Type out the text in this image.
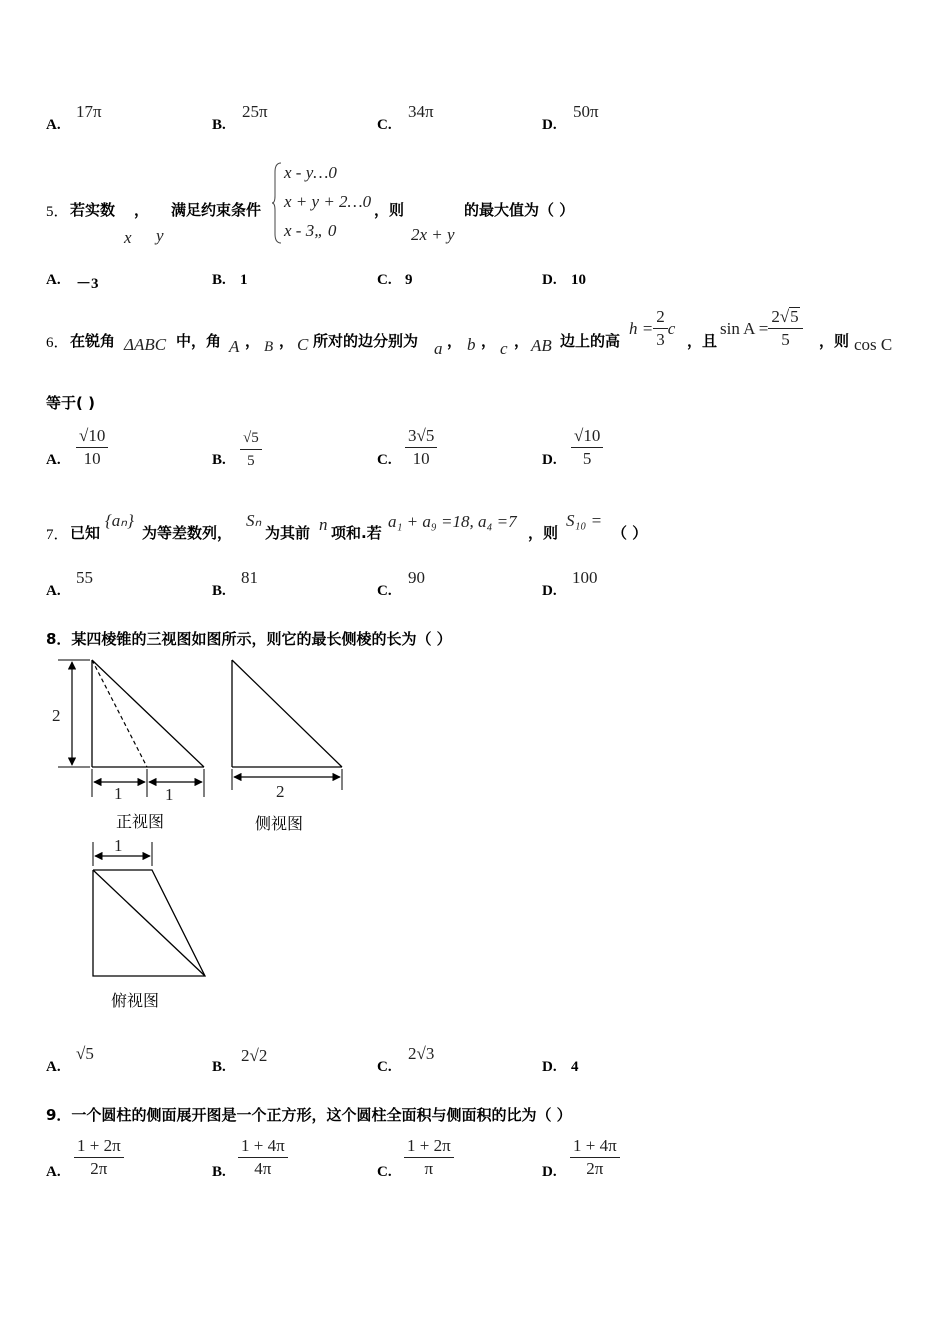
A.
17π
B.
25π
C.
34π
D.
50π
5． 若实数 ， 满足约束条件
x y
x - y…0
x + y + 2…0
x - 3„ 0
，则
2x + y
的最大值为（ ）
A. －3	B. 1	C. 9	D. 10
6． 在锐角 ΔABC 中，角 A ， B ， C 所对的边分别为 a ， b ， c ， AB 边上的高
$h = \frac{2}{3}$ c
，且
$\sin A = \frac{2√5}{5}$ ，则 cos C
等于( )
A. $\frac{√10}{10}$	B. $\frac{√5}{5}$	C. $\frac{3√5}{10}$	D. $\frac{√10}{5}$
7． 已知
{aₙ}
为等差数列，
Sₙ
为其前 n 项和.若
a₁ + a₉ =18, a₄ =7
，则
S₁₀ =
（ ）
A.
55
B.
81
C.
90
D.
100
8．某四棱锥的三视图如图所示，则它的最长侧棱的长为（ ）
2
1	1
正视图
2
侧视图
1
俯视图
A.
√5
B.
2√2
C.
2√3
D. 4
9．一个圆柱的侧面展开图是一个正方形，这个圆柱全面积与侧面积的比为（ ）
A. $\frac{1 + 2\pi}{2\pi}$	B. $\frac{1 + 4\pi}{4\pi}$	C. $\frac{1 + 2\pi}{\pi}$	D. $\frac{1 + 4\pi}{2\pi}$
